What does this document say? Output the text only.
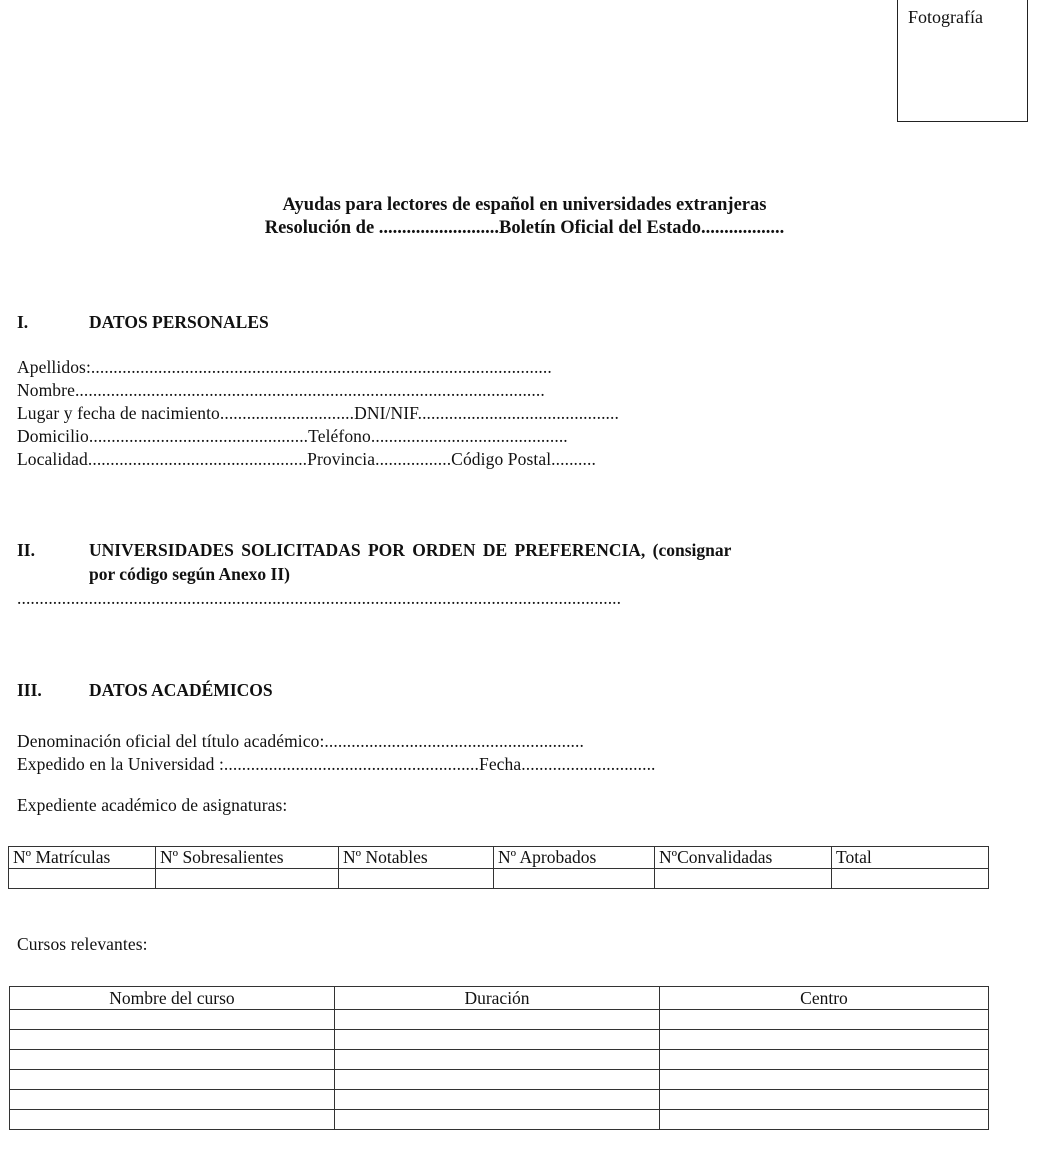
Fotografía
Ayudas para lectores de español en universidades extranjeras
Resolución de ..........................Boletín Oficial del Estado..................
I.	DATOS PERSONALES
Apellidos:.......................................................................................................
Nombre.........................................................................................................
Lugar y fecha de nacimiento..............................DNI/NIF.............................................
Domicilio.................................................Teléfono............................................
Localidad.................................................Provincia.................Código Postal..........
II.	UNIVERSIDADES SOLICITADAS POR ORDEN DE PREFERENCIA, (consignar
por código según Anexo II)
.......................................................................................................................................
III.	DATOS ACADÉMICOS
Denominación oficial del título académico:..........................................................
Expedido en la Universidad :.........................................................Fecha..............................
Expediente académico de asignaturas:
Nº Matrículas	Nº Sobresalientes	Nº Notables	Nº Aprobados	NºConvalidadas	Total

Cursos relevantes:
Nombre del curso	Duración	Centro
